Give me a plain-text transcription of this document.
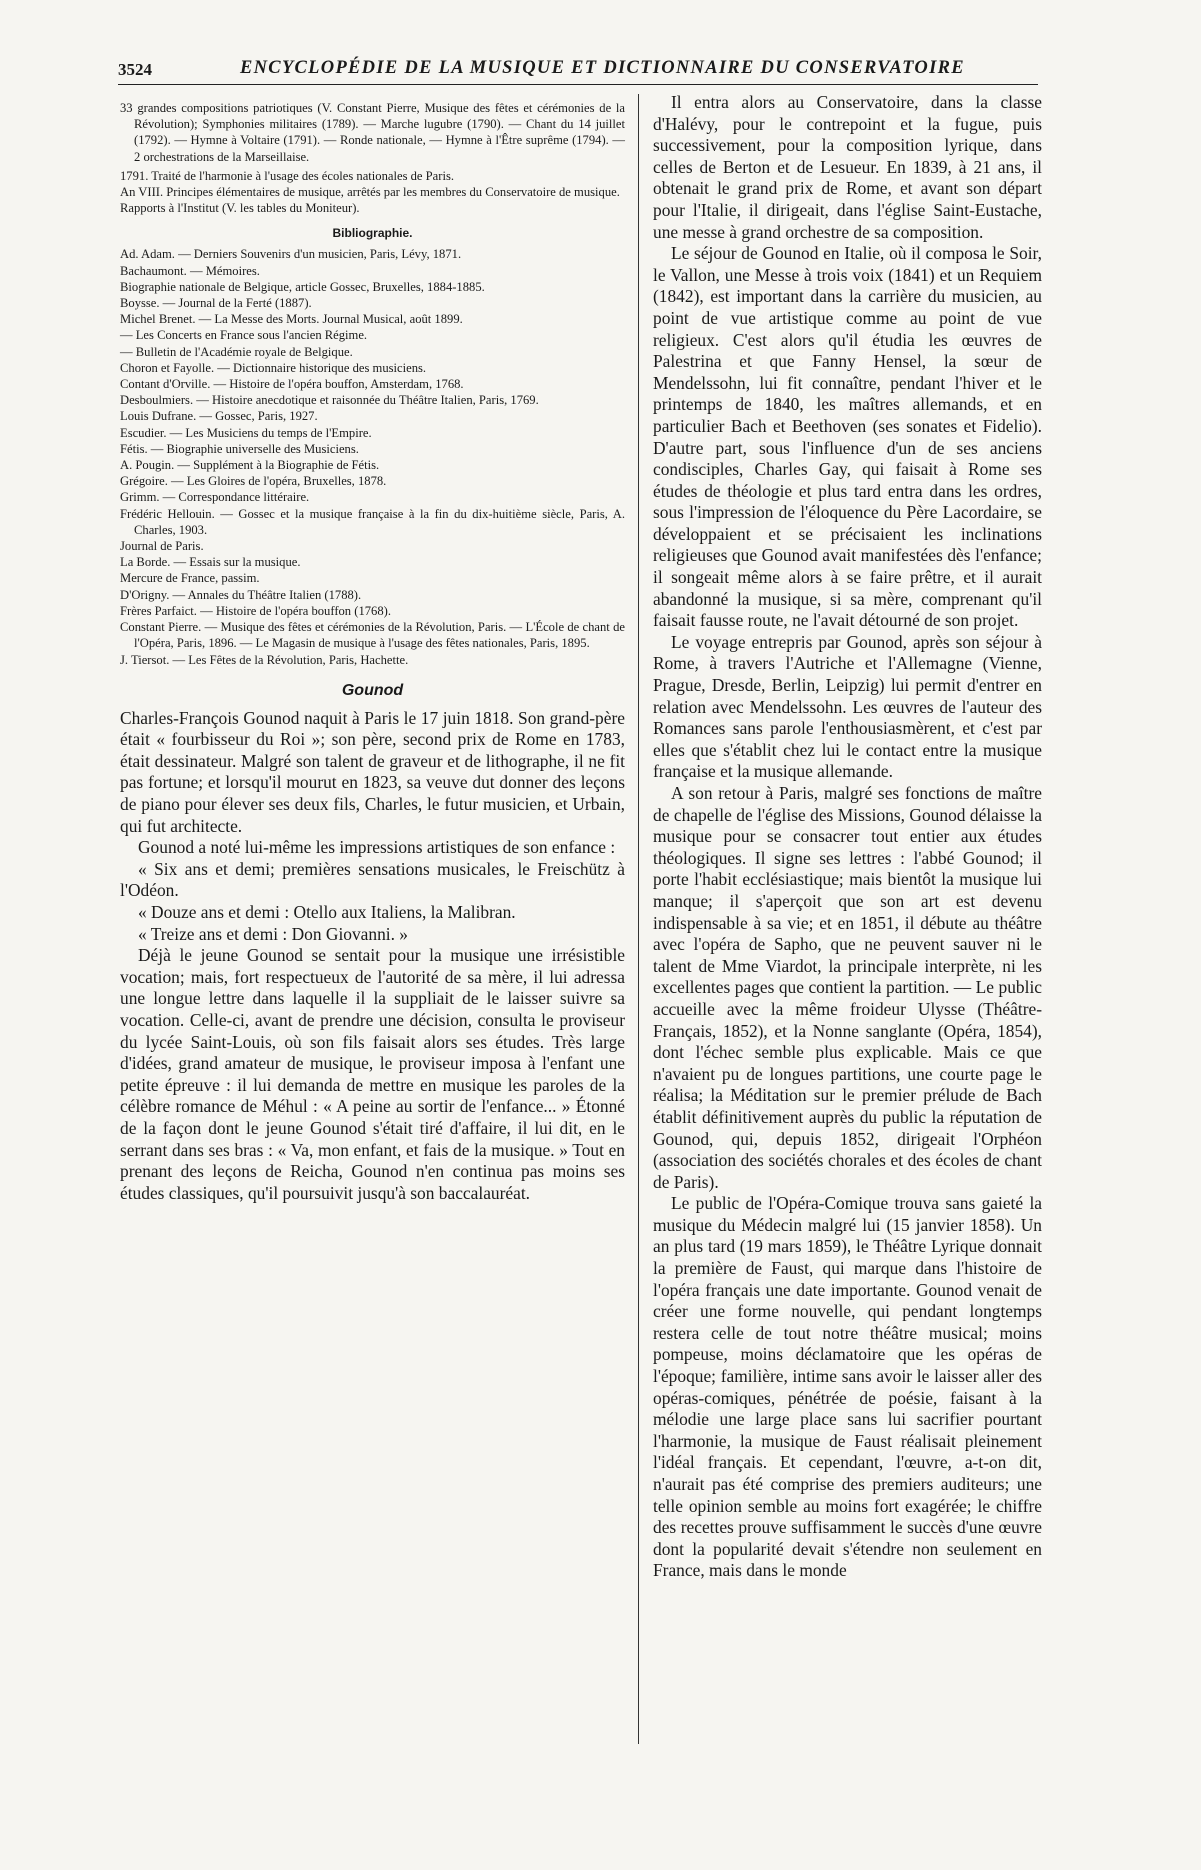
3524	ENCYCLOPÉDIE DE LA MUSIQUE ET DICTIONNAIRE DU CONSERVATOIRE

33 grandes compositions patriotiques (V. Constant Pierre, Musique des fêtes et cérémonies de la Révolution); Symphonies militaires (1789). — Marche lugubre (1790). — Chant du 14 juillet (1792). — Hymne à Voltaire (1791). — Ronde nationale, — Hymne à l'Être suprême (1794). — 2 orchestrations de la Marseillaise.

1791. Traité de l'harmonie à l'usage des écoles nationales de Paris.

An VIII. Principes élémentaires de musique, arrêtés par les membres du Conservatoire de musique.

Rapports à l'Institut (V. les tables du Moniteur).

Bibliographie.

Ad. Adam. — Derniers Souvenirs d'un musicien, Paris, Lévy, 1871.

Bachaumont. — Mémoires.

Biographie nationale de Belgique, article Gossec, Bruxelles, 1884-1885.

Boysse. — Journal de la Ferté (1887).

Michel Brenet. — La Messe des Morts. Journal Musical, août 1899.

— Les Concerts en France sous l'ancien Régime.

— Bulletin de l'Académie royale de Belgique.

Choron et Fayolle. — Dictionnaire historique des musiciens.

Contant d'Orville. — Histoire de l'opéra bouffon, Amsterdam, 1768.

Desboulmiers. — Histoire anecdotique et raisonnée du Théâtre Italien, Paris, 1769.

Louis Dufrane. — Gossec, Paris, 1927.

Escudier. — Les Musiciens du temps de l'Empire.

Fétis. — Biographie universelle des Musiciens.

A. Pougin. — Supplément à la Biographie de Fétis.

Grégoire. — Les Gloires de l'opéra, Bruxelles, 1878.

Grimm. — Correspondance littéraire.

Frédéric Hellouin. — Gossec et la musique française à la fin du dix-huitième siècle, Paris, A. Charles, 1903.

Journal de Paris.

La Borde. — Essais sur la musique.

Mercure de France, passim.

D'Origny. — Annales du Théâtre Italien (1788).

Frères Parfaict. — Histoire de l'opéra bouffon (1768).

Constant Pierre. — Musique des fêtes et cérémonies de la Révolution, Paris. — L'École de chant de l'Opéra, Paris, 1896. — Le Magasin de musique à l'usage des fêtes nationales, Paris, 1895.

J. Tiersot. — Les Fêtes de la Révolution, Paris, Hachette.

Gounod

Charles-François Gounod naquit à Paris le 17 juin 1818. Son grand-père était « fourbisseur du Roi »; son père, second prix de Rome en 1783, était dessinateur. Malgré son talent de graveur et de lithographe, il ne fit pas fortune; et lorsqu'il mourut en 1823, sa veuve dut donner des leçons de piano pour élever ses deux fils, Charles, le futur musicien, et Urbain, qui fut architecte.

Gounod a noté lui-même les impressions artistiques de son enfance :

« Six ans et demi; premières sensations musicales, le Freischütz à l'Odéon.

« Douze ans et demi : Otello aux Italiens, la Malibran.

« Treize ans et demi : Don Giovanni. »

Déjà le jeune Gounod se sentait pour la musique une irrésistible vocation; mais, fort respectueux de l'autorité de sa mère, il lui adressa une longue lettre dans laquelle il la suppliait de le laisser suivre sa vocation. Celle-ci, avant de prendre une décision, consulta le proviseur du lycée Saint-Louis, où son fils faisait alors ses études. Très large d'idées, grand amateur de musique, le proviseur imposa à l'enfant une petite épreuve : il lui demanda de mettre en musique les paroles de la célèbre romance de Méhul : « A peine au sortir de l'enfance... » Étonné de la façon dont le jeune Gounod s'était tiré d'affaire, il lui dit, en le serrant dans ses bras : « Va, mon enfant, et fais de la musique. » Tout en prenant des leçons de Reicha, Gounod n'en continua pas moins ses études classiques, qu'il poursuivit jusqu'à son baccalauréat.

Il entra alors au Conservatoire, dans la classe d'Halévy, pour le contrepoint et la fugue, puis successivement, pour la composition lyrique, dans celles de Berton et de Lesueur. En 1839, à 21 ans, il obtenait le grand prix de Rome, et avant son départ pour l'Italie, il dirigeait, dans l'église Saint-Eustache, une messe à grand orchestre de sa composition.

Le séjour de Gounod en Italie, où il composa le Soir, le Vallon, une Messe à trois voix (1841) et un Requiem (1842), est important dans la carrière du musicien, au point de vue artistique comme au point de vue religieux. C'est alors qu'il étudia les œuvres de Palestrina et que Fanny Hensel, la sœur de Mendelssohn, lui fit connaître, pendant l'hiver et le printemps de 1840, les maîtres allemands, et en particulier Bach et Beethoven (ses sonates et Fidelio). D'autre part, sous l'influence d'un de ses anciens condisciples, Charles Gay, qui faisait à Rome ses études de théologie et plus tard entra dans les ordres, sous l'impression de l'éloquence du Père Lacordaire, se développaient et se précisaient les inclinations religieuses que Gounod avait manifestées dès l'enfance; il songeait même alors à se faire prêtre, et il aurait abandonné la musique, si sa mère, comprenant qu'il faisait fausse route, ne l'avait détourné de son projet.

Le voyage entrepris par Gounod, après son séjour à Rome, à travers l'Autriche et l'Allemagne (Vienne, Prague, Dresde, Berlin, Leipzig) lui permit d'entrer en relation avec Mendelssohn. Les œuvres de l'auteur des Romances sans parole l'enthousiasmèrent, et c'est par elles que s'établit chez lui le contact entre la musique française et la musique allemande.

A son retour à Paris, malgré ses fonctions de maître de chapelle de l'église des Missions, Gounod délaisse la musique pour se consacrer tout entier aux études théologiques. Il signe ses lettres : l'abbé Gounod; il porte l'habit ecclésiastique; mais bientôt la musique lui manque; il s'aperçoit que son art est devenu indispensable à sa vie; et en 1851, il débute au théâtre avec l'opéra de Sapho, que ne peuvent sauver ni le talent de Mme Viardot, la principale interprète, ni les excellentes pages que contient la partition. — Le public accueille avec la même froideur Ulysse (Théâtre-Français, 1852), et la Nonne sanglante (Opéra, 1854), dont l'échec semble plus explicable. Mais ce que n'avaient pu de longues partitions, une courte page le réalisa; la Méditation sur le premier prélude de Bach établit définitivement auprès du public la réputation de Gounod, qui, depuis 1852, dirigeait l'Orphéon (association des sociétés chorales et des écoles de chant de Paris).

Le public de l'Opéra-Comique trouva sans gaieté la musique du Médecin malgré lui (15 janvier 1858). Un an plus tard (19 mars 1859), le Théâtre Lyrique donnait la première de Faust, qui marque dans l'histoire de l'opéra français une date importante. Gounod venait de créer une forme nouvelle, qui pendant longtemps restera celle de tout notre théâtre musical; moins pompeuse, moins déclamatoire que les opéras de l'époque; familière, intime sans avoir le laisser aller des opéras-comiques, pénétrée de poésie, faisant à la mélodie une large place sans lui sacrifier pourtant l'harmonie, la musique de Faust réalisait pleinement l'idéal français. Et cependant, l'œuvre, a-t-on dit, n'aurait pas été comprise des premiers auditeurs; une telle opinion semble au moins fort exagérée; le chiffre des recettes prouve suffisamment le succès d'une œuvre dont la popularité devait s'étendre non seulement en France, mais dans le monde
